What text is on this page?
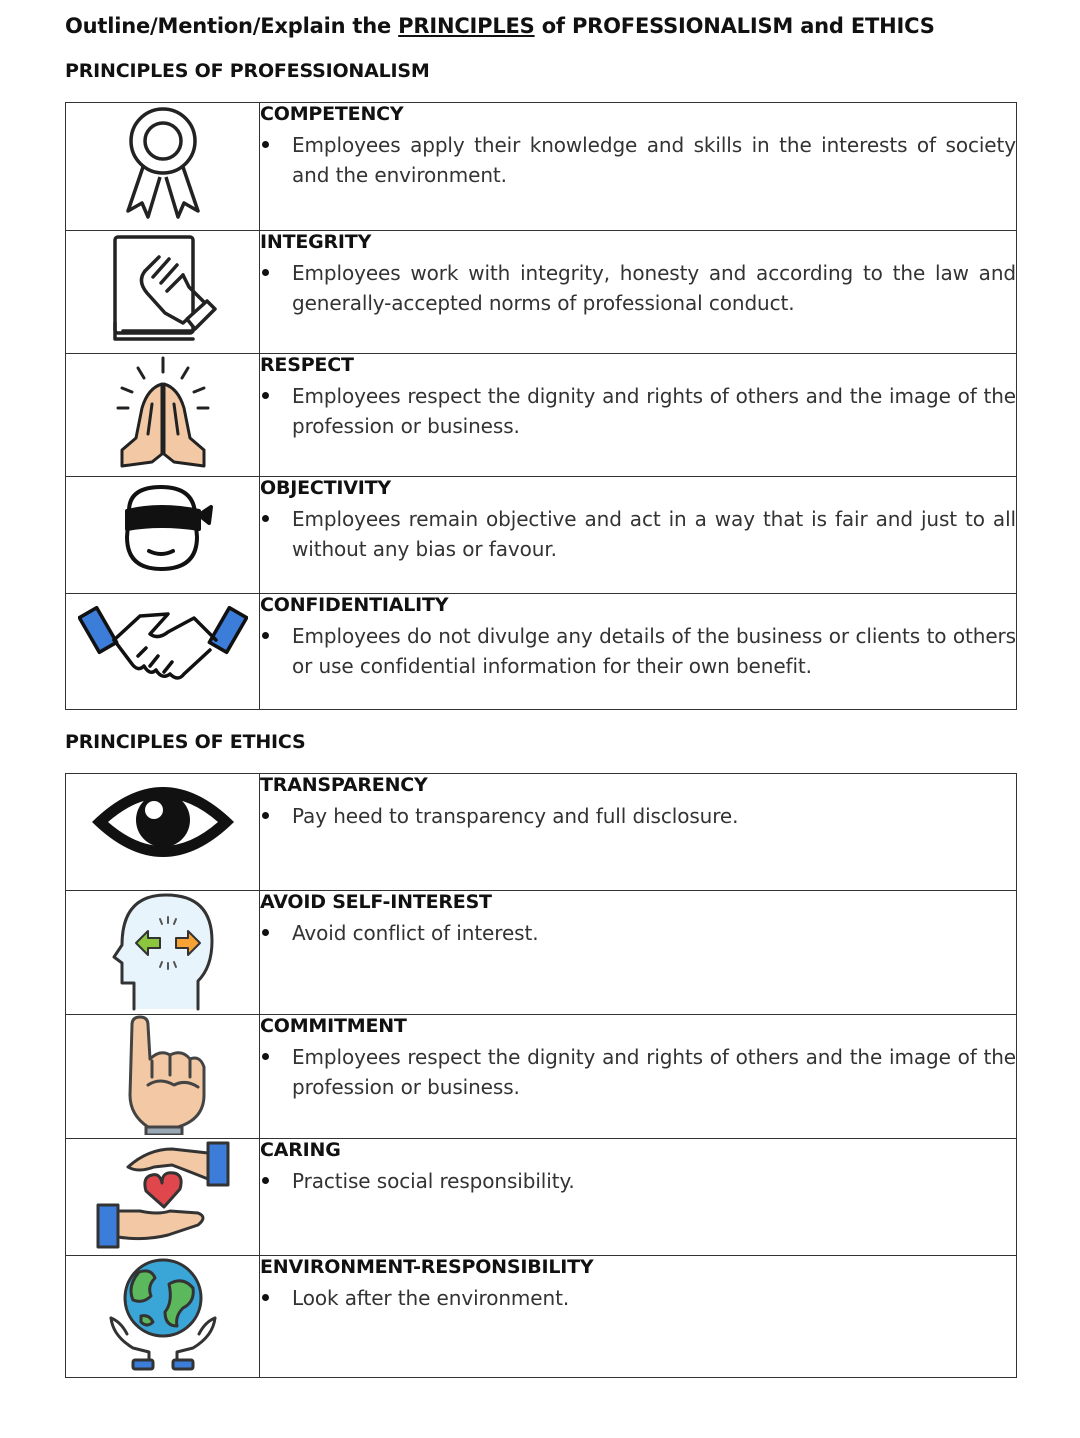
Outline/Mention/Explain the PRINCIPLES of PROFESSIONALISM and ETHICS
PRINCIPLES OF PROFESSIONALISM

COMPETENCY

Employees apply their knowledge and skills in the interests of society and the environment.

INTEGRITY

Employees work with integrity, honesty and according to the law and generally-accepted norms of professional conduct.

RESPECT

Employees respect the dignity and rights of others and the image of the profession or business.

OBJECTIVITY

Employees remain objective and act in a way that is fair and just to all without any bias or favour.

CONFIDENTIALITY

Employees do not divulge any details of the business or clients to others or use confidential information for their own benefit.

PRINCIPLES OF ETHICS

TRANSPARENCY

Pay heed to transparency and full disclosure.

AVOID SELF-INTEREST

Avoid conflict of interest.

COMMITMENT

Employees respect the dignity and rights of others and the image of the profession or business.

CARING

Practise social responsibility.

ENVIRONMENT-RESPONSIBILITY

Look after the environment.
